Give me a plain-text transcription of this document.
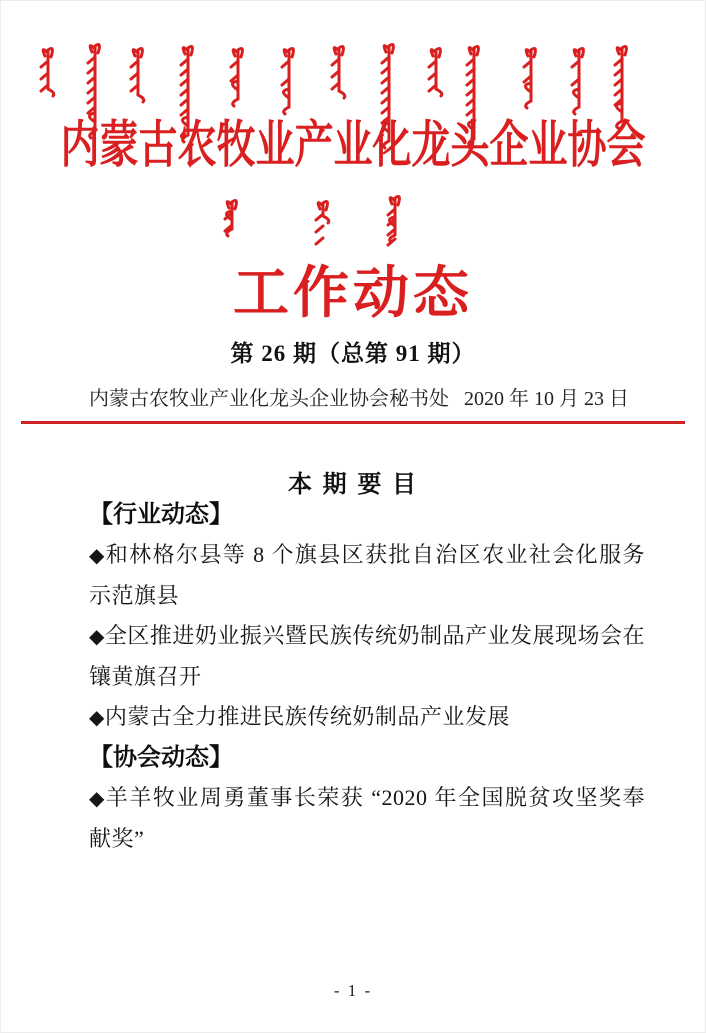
内蒙古农牧业产业化龙头企业协会
工作动态
第 26 期（总第 91 期）
内蒙古农牧业产业化龙头企业协会秘书处 2020 年 10 月 23 日
本 期 要 目
【行业动态】

◆和林格尔县等 8 个旗县区获批自治区农业社会化服务示范旗县

◆全区推进奶业振兴暨民族传统奶制品产业发展现场会在镶黄旗召开

◆内蒙古全力推进民族传统奶制品产业发展

【协会动态】

◆羊羊牧业周勇董事长荣获 “2020 年全国脱贫攻坚奖奉献奖”

- 1 -
